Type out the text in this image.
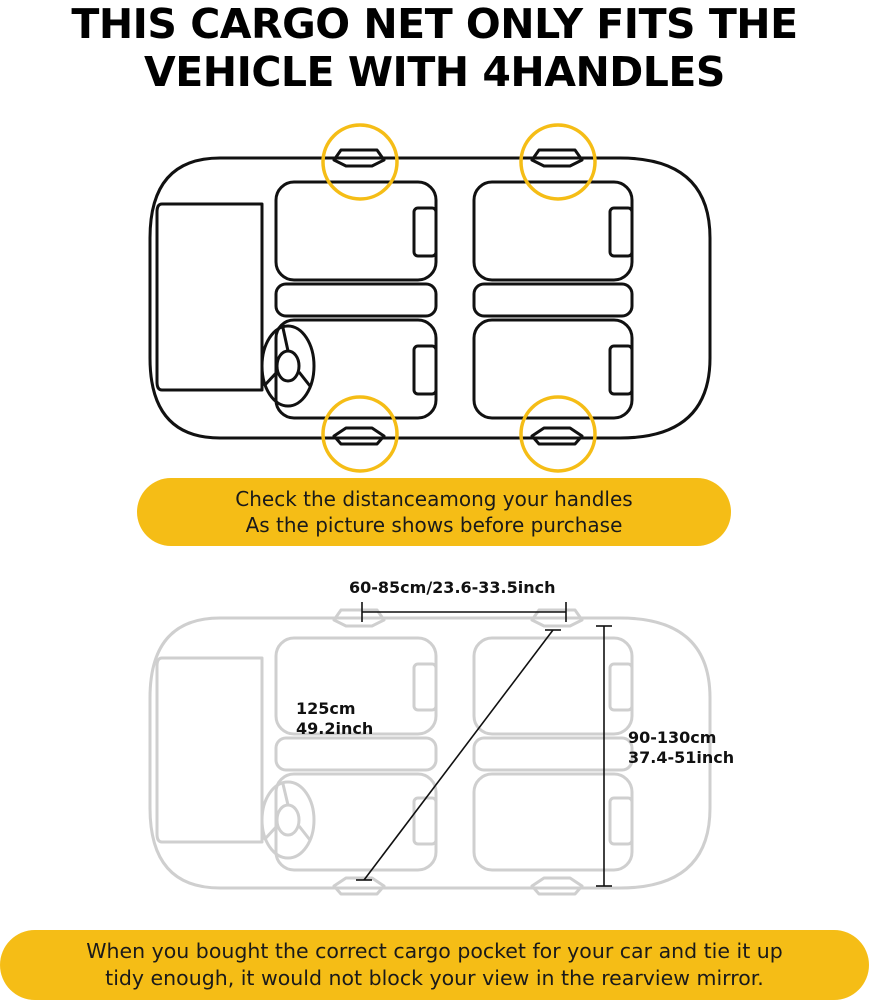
THIS CARGO NET ONLY FITS THE
VEHICLE WITH 4HANDLES
Check the distanceamong your handles
As the picture shows before purchase
60-85cm/23.6-33.5inch
125cm
49.2inch	90-130cm
37.4-51inch
When you bought the correct cargo pocket for your car and tie it up
tidy enough, it would not block your view in the rearview mirror.
